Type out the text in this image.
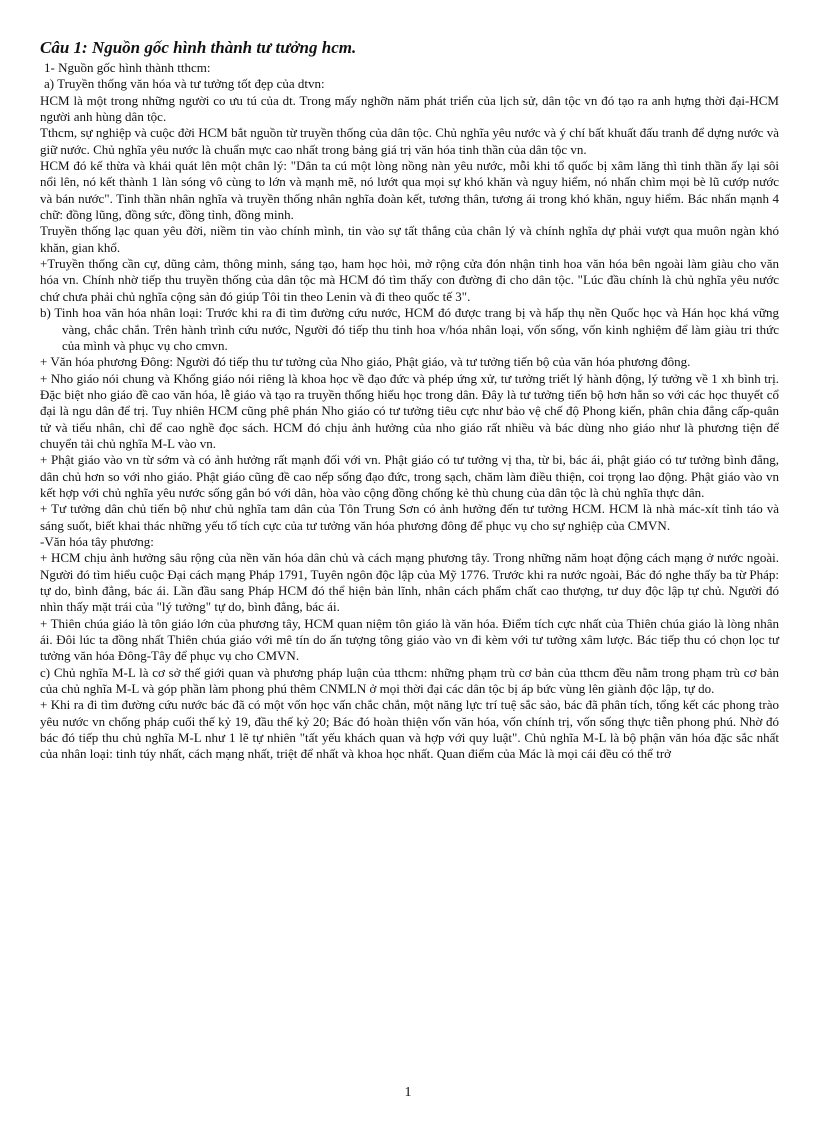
Câu 1: Nguồn gốc hình thành tư tưởng hcm.

1- Nguồn gốc hình thành tthcm:

a) Truyền thống văn hóa và tư tưởng tốt đẹp của dtvn:

HCM là một trong những người co ưu tú của dt. Trong mấy nghỡn năm phát triển của lịch sử, dân tộc vn đó tạo ra anh hựng thời đại-HCM người anh hùng dân tộc.

Tthcm, sự nghiệp và cuộc đời HCM bắt nguồn từ truyền thống của dân tộc. Chủ nghĩa yêu nước và ý chí bất khuất đấu tranh để dựng nước và giữ nước. Chủ nghĩa yêu nước là chuẩn mực cao nhất trong bảng giá trị văn hóa tinh thần của dân tộc vn.

HCM đó kế thừa và khái quát lên một chân lý: "Dân ta cú một lòng nồng nàn yêu nước, mỗi khi tổ quốc bị xâm lăng thì tinh thần ấy lại sôi nổi lên, nó kết thành 1 làn sóng vô cùng to lớn và mạnh mẽ, nó lướt qua mọi sự khó khăn và nguy hiểm, nó nhấn chìm mọi bè lũ cướp nước và bán nước". Tinh thần nhân nghĩa và truyền thống nhân nghĩa đoàn kết, tương thân, tương ái trong khó khăn, nguy hiểm. Bác nhấn mạnh 4 chữ: đồng lũng, đồng sức, đồng tỉnh, đồng minh.

Truyền thống lạc quan yêu đời, niềm tin vào chính mình, tin vào sự tất thắng của chân lý và chính nghĩa dự phải vượt qua muôn ngàn khó khăn, gian khổ.

+Truyền thống cần cự, dũng cảm, thông minh, sáng tạo, ham học hỏi, mở rộng cửa đón nhận tinh hoa văn hóa bên ngoài làm giàu cho văn hóa vn. Chính nhờ tiếp thu truyền thống của dân tộc mà HCM đó tìm thấy con đường đi cho dân tộc. "Lúc đầu chính là chủ nghĩa yêu nước chứ chưa phải chủ nghĩa cộng sản đó giúp Tôi tin theo Lenin và đi theo quốc tế 3".

b) Tinh hoa văn hóa nhân loại: Trước khi ra đi tìm đường cứu nước, HCM đó được trang bị và hấp thụ nền Quốc học và Hán học khá vững vàng, chắc chắn. Trên hành trình cứu nước, Người đó tiếp thu tinh hoa v/hóa nhân loại, vốn sống, vốn kinh nghiệm để làm giàu tri thức của mình và phục vụ cho cmvn.

+ Văn hóa phương Đông: Người đó tiếp thu tư tưởng của Nho giáo, Phật giáo, và tư tưởng tiến bộ của văn hóa phương đông.

+ Nho giáo nói chung và Khổng giáo nói riêng là khoa học về đạo đức và phép ứng xử, tư tưởng triết lý hành động, lý tưởng về 1 xh bình trị. Đặc biệt nho giáo đề cao văn hóa, lễ giáo và tạo ra truyền thống hiếu học trong dân. Đây là tư tưởng tiến bộ hơn hẳn so với các học thuyết cổ đại là ngu dân để trị. Tuy nhiên HCM cũng phê phán Nho giáo có tư tưởng tiêu cực như bảo vệ chế độ Phong kiến, phân chia đẳng cấp-quân tử và tiểu nhân, chỉ để cao nghề đọc sách. HCM đó chịu ảnh hưởng của nho giáo rất nhiều và bác dùng nho giáo như là phương tiện để chuyển tải chủ nghĩa M-L vào vn.

+ Phật giáo vào vn từ sớm và có ảnh hưởng rất mạnh đối với vn. Phật giáo có tư tưởng vị tha, từ bi, bác ái, phật giáo có tư tưởng bình đẳng, dân chủ hơn so với nho giáo. Phật giáo cũng đề cao nếp sống đạo đức, trong sạch, chăm làm điều thiện, coi trọng lao động. Phật giáo vào vn kết hợp với chủ nghĩa yêu nước sống gắn bó với dân, hòa vào cộng đồng chống kẻ thù chung của dân tộc là chủ nghĩa thực dân.

+ Tư tưởng dân chủ tiến bộ như chủ nghĩa tam dân của Tôn Trung Sơn có ảnh hưởng đến tư tưởng HCM. HCM là nhà mác-xít tỉnh táo và sáng suốt, biết khai thác những yếu tố tích cực của tư tưởng văn hóa phương đông để phục vụ cho sự nghiệp của CMVN.

-Văn hóa tây phương:

+ HCM chịu ảnh hưởng sâu rộng của nền văn hóa dân chủ và cách mạng phương tây. Trong những năm hoạt động cách mạng ở nước ngoài. Người đó tìm hiểu cuộc Đại cách mạng Pháp 1791, Tuyên ngôn độc lập của Mỹ 1776. Trước khi ra nước ngoài, Bác đó nghe thấy ba từ Pháp: tự do, bình đẳng, bác ái. Lần đầu sang Pháp HCM đó thể hiện bản lĩnh, nhân cách phẩm chất cao thượng, tư duy độc lập tự chủ. Người đó nhìn thấy mặt trái của "lý tưởng" tự do, bình đẳng, bác ái.

+ Thiên chúa giáo là tôn giáo lớn của phương tây, HCM quan niệm tôn giáo là văn hóa. Điểm tích cực nhất của Thiên chúa giáo là lòng nhân ái. Đôi lúc ta đồng nhất Thiên chúa giáo với mê tín do ấn tượng tông giáo vào vn đi kèm với tư tưởng xâm lược. Bác tiếp thu có chọn lọc tư tưởng văn hóa Đông-Tây để phục vụ cho CMVN.

c) Chủ nghĩa M-L là cơ sở thế giới quan và phương pháp luận của tthcm: những phạm trù cơ bản của tthcm đều nằm trong phạm trù cơ bản của chủ nghĩa M-L và góp phần làm phong phú thêm CNMLN ở mọi thời đại các dân tộc bị áp bức vùng lên giành độc lập, tự do.

+ Khi ra đi tìm đường cứu nước bác đã có một vốn học vấn chắc chắn, một năng lực trí tuệ sắc sảo, bác đã phân tích, tổng kết các phong trào yêu nước vn chống pháp cuối thế kỷ 19, đầu thế kỷ 20; Bác đó hoàn thiện vốn văn hóa, vốn chính trị, vốn sống thực tiễn phong phú. Nhờ đó bác đó tiếp thu chủ nghĩa M-L như 1 lẽ tự nhiên "tất yếu khách quan và hợp với quy luật". Chủ nghĩa M-L là bộ phận văn hóa đặc sắc nhất của nhân loại: tinh túy nhất, cách mạng nhất, triệt để nhất và khoa học nhất. Quan điểm của Mác là mọi cái đều có thể trở

1
